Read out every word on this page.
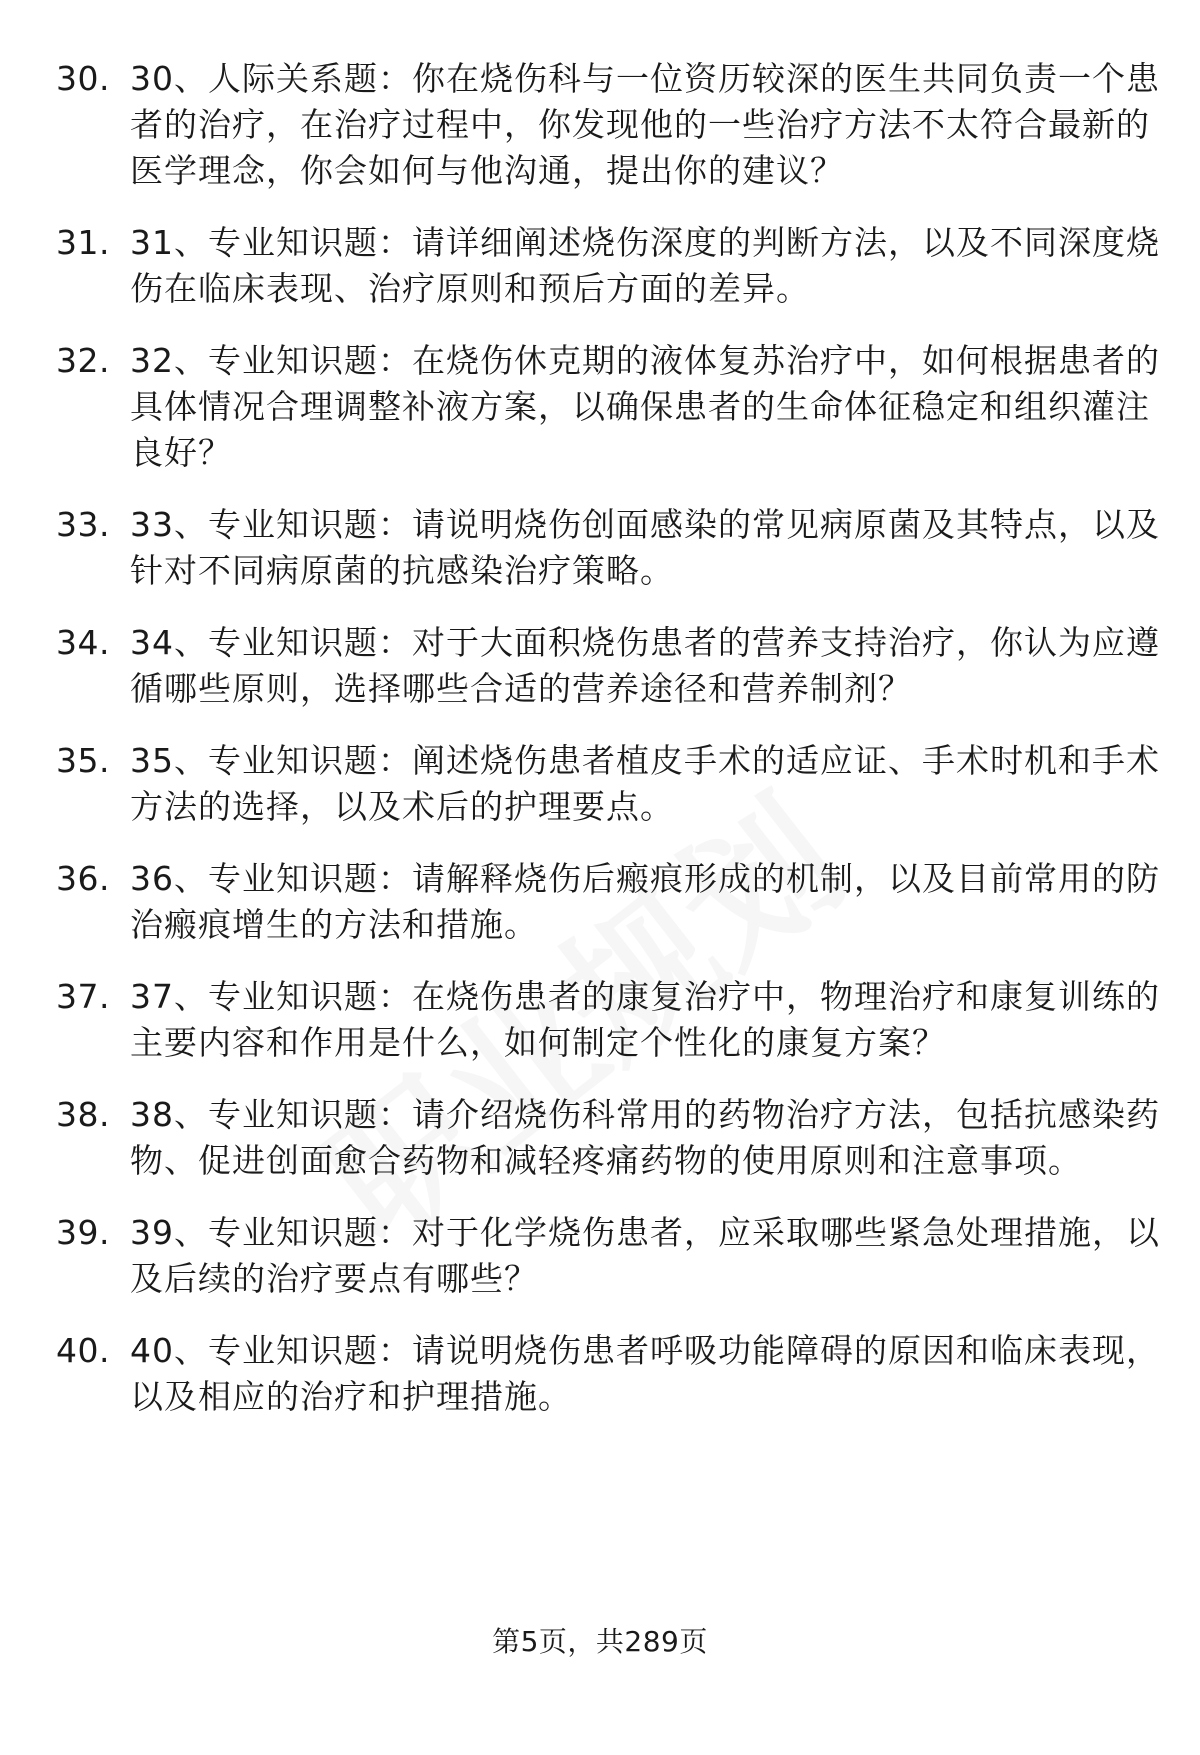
30. 30、人际关系题：你在烧伤科与一位资历较深的医生共同负责一个患者的治疗，在治疗过程中，你发现他的一些治疗方法不太符合最新的医学理念，你会如何与他沟通，提出你的建议？
31. 31、专业知识题：请详细阐述烧伤深度的判断方法，以及不同深度烧伤在临床表现、治疗原则和预后方面的差异。
32. 32、专业知识题：在烧伤休克期的液体复苏治疗中，如何根据患者的具体情况合理调整补液方案，以确保患者的生命体征稳定和组织灌注良好？
33. 33、专业知识题：请说明烧伤创面感染的常见病原菌及其特点，以及针对不同病原菌的抗感染治疗策略。
34. 34、专业知识题：对于大面积烧伤患者的营养支持治疗，你认为应遵循哪些原则，选择哪些合适的营养途径和营养制剂？
35. 35、专业知识题：阐述烧伤患者植皮手术的适应证、手术时机和手术方法的选择，以及术后的护理要点。
36. 36、专业知识题：请解释烧伤后瘢痕形成的机制，以及目前常用的防治瘢痕增生的方法和措施。
37. 37、专业知识题：在烧伤患者的康复治疗中，物理治疗和康复训练的主要内容和作用是什么，如何制定个性化的康复方案？
38. 38、专业知识题：请介绍烧伤科常用的药物治疗方法，包括抗感染药物、促进创面愈合药物和减轻疼痛药物的使用原则和注意事项。
39. 39、专业知识题：对于化学烧伤患者，应采取哪些紧急处理措施，以及后续的治疗要点有哪些？
40. 40、专业知识题：请说明烧伤患者呼吸功能障碍的原因和临床表现，以及相应的治疗和护理措施。
第5页，共289页
